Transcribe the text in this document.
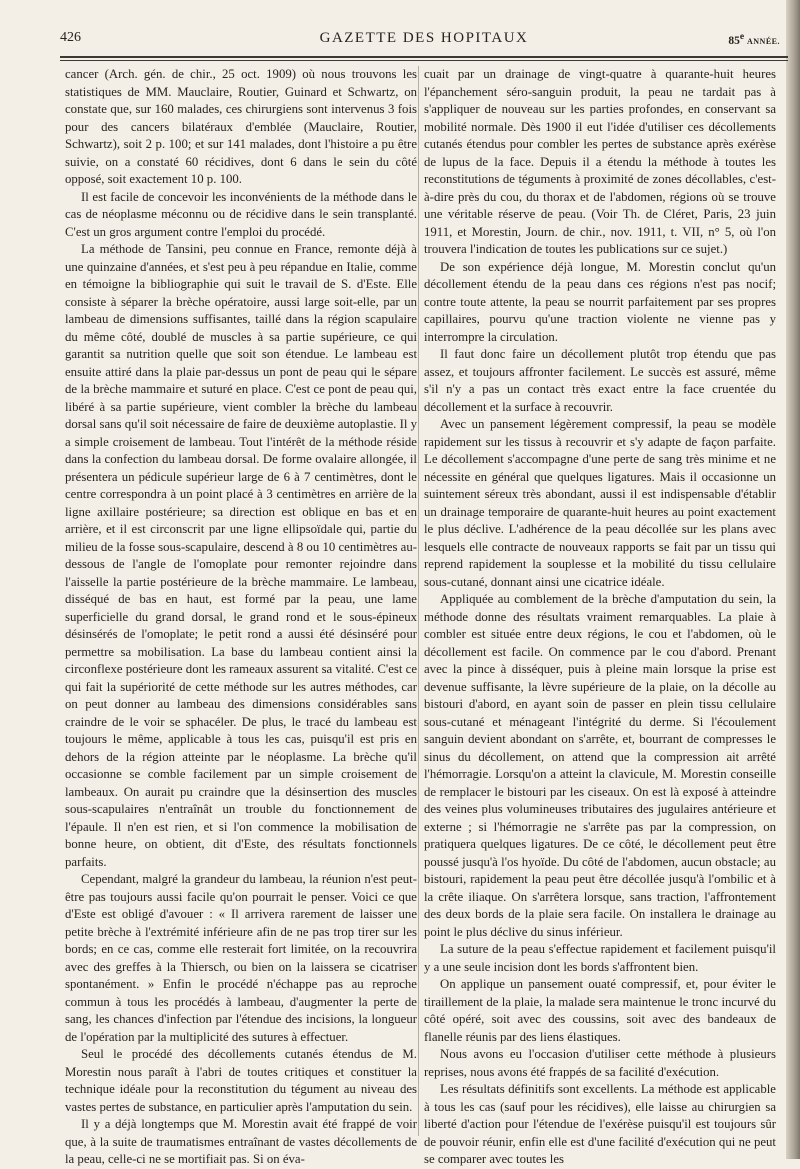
426	GAZETTE DES HOPITAUX	85e ANNÉE.

cancer (Arch. gén. de chir., 25 oct. 1909) où nous trouvons les statistiques de MM. Mauclaire, Routier, Guinard et Schwartz, on constate que, sur 160 malades, ces chirurgiens sont intervenus 3 fois pour des cancers bilatéraux d'emblée (Mauclaire, Routier, Schwartz), soit 2 p. 100; et sur 141 malades, dont l'histoire a pu être suivie, on a constaté 60 récidives, dont 6 dans le sein du côté opposé, soit exactement 10 p. 100.

Il est facile de concevoir les inconvénients de la méthode dans le cas de néoplasme méconnu ou de récidive dans le sein transplanté. C'est un gros argument contre l'emploi du procédé.

La méthode de Tansini, peu connue en France, remonte déjà à une quinzaine d'années, et s'est peu à peu répandue en Italie, comme en témoigne la bibliographie qui suit le travail de S. d'Este. Elle consiste à séparer la brèche opératoire, aussi large soit-elle, par un lambeau de dimensions suffisantes, taillé dans la région scapulaire du même côté, doublé de muscles à sa partie supérieure, ce qui garantit sa nutrition quelle que soit son étendue. Le lambeau est ensuite attiré dans la plaie par-dessus un pont de peau qui le sépare de la brèche mammaire et suturé en place. C'est ce pont de peau qui, libéré à sa partie supérieure, vient combler la brèche du lambeau dorsal sans qu'il soit nécessaire de faire de deuxième autoplastie. Il y a simple croisement de lambeau. Tout l'intérêt de la méthode réside dans la confection du lambeau dorsal. De forme ovalaire allongée, il présentera un pédicule supérieur large de 6 à 7 centimètres, dont le centre correspondra à un point placé à 3 centimètres en arrière de la ligne axillaire postérieure; sa direction est oblique en bas et en arrière, et il est circonscrit par une ligne ellipsoïdale qui, partie du milieu de la fosse sous-scapulaire, descend à 8 ou 10 centimètres au-dessous de l'angle de l'omoplate pour remonter rejoindre dans l'aisselle la partie postérieure de la brèche mammaire. Le lambeau, disséqué de bas en haut, est formé par la peau, une lame superficielle du grand dorsal, le grand rond et le sous-épineux désinsérés de l'omoplate; le petit rond a aussi été désinséré pour permettre sa mobilisation. La base du lambeau contient ainsi la circonflexe postérieure dont les rameaux assurent sa vitalité. C'est ce qui fait la supériorité de cette méthode sur les autres méthodes, car on peut donner au lambeau des dimensions considérables sans craindre de le voir se sphacéler. De plus, le tracé du lambeau est toujours le même, applicable à tous les cas, puisqu'il est pris en dehors de la région atteinte par le néoplasme. La brèche qu'il occasionne se comble facilement par un simple croisement de lambeaux. On aurait pu craindre que la désinsertion des muscles sous-scapulaires n'entraînât un trouble du fonctionnement de l'épaule. Il n'en est rien, et si l'on commence la mobilisation de bonne heure, on obtient, dit d'Este, des résultats fonctionnels parfaits.

Cependant, malgré la grandeur du lambeau, la réunion n'est peut-être pas toujours aussi facile qu'on pourrait le penser. Voici ce que d'Este est obligé d'avouer : « Il arrivera rarement de laisser une petite brèche à l'extrémité inférieure afin de ne pas trop tirer sur les bords; en ce cas, comme elle resterait fort limitée, on la recouvrira avec des greffes à la Thiersch, ou bien on la laissera se cicatriser spontanément. » Enfin le procédé n'échappe pas au reproche commun à tous les procédés à lambeau, d'augmenter la perte de sang, les chances d'infection par l'étendue des incisions, la longueur de l'opération par la multiplicité des sutures à effectuer.

Seul le procédé des décollements cutanés étendus de M. Morestin nous paraît à l'abri de toutes critiques et constituer la technique idéale pour la reconstitution du tégument au niveau des vastes pertes de substance, en particulier après l'amputation du sein.

Il y a déjà longtemps que M. Morestin avait été frappé de voir que, à la suite de traumatismes entraînant de vastes décollements de la peau, celle-ci ne se mortifiait pas. Si on éva-

cuait par un drainage de vingt-quatre à quarante-huit heures l'épanchement séro-sanguin produit, la peau ne tardait pas à s'appliquer de nouveau sur les parties profondes, en conservant sa mobilité normale. Dès 1900 il eut l'idée d'utiliser ces décollements cutanés étendus pour combler les pertes de substance après exérèse de lupus de la face. Depuis il a étendu la méthode à toutes les reconstitutions de téguments à proximité de zones décollables, c'est-à-dire près du cou, du thorax et de l'abdomen, régions où se trouve une véritable réserve de peau. (Voir Th. de Cléret, Paris, 23 juin 1911, et Morestin, Journ. de chir., nov. 1911, t. VII, n° 5, où l'on trouvera l'indication de toutes les publications sur ce sujet.)

De son expérience déjà longue, M. Morestin conclut qu'un décollement étendu de la peau dans ces régions n'est pas nocif; contre toute attente, la peau se nourrit parfaitement par ses propres capillaires, pourvu qu'une traction violente ne vienne pas y interrompre la circulation.

Il faut donc faire un décollement plutôt trop étendu que pas assez, et toujours affronter facilement. Le succès est assuré, même s'il n'y a pas un contact très exact entre la face cruentée du décollement et la surface à recouvrir.

Avec un pansement légèrement compressif, la peau se modèle rapidement sur les tissus à recouvrir et s'y adapte de façon parfaite. Le décollement s'accompagne d'une perte de sang très minime et ne nécessite en général que quelques ligatures. Mais il occasionne un suintement séreux très abondant, aussi il est indispensable d'établir un drainage temporaire de quarante-huit heures au point exactement le plus déclive. L'adhérence de la peau décollée sur les plans avec lesquels elle contracte de nouveaux rapports se fait par un tissu qui reprend rapidement la souplesse et la mobilité du tissu cellulaire sous-cutané, donnant ainsi une cicatrice idéale.

Appliquée au comblement de la brèche d'amputation du sein, la méthode donne des résultats vraiment remarquables. La plaie à combler est située entre deux régions, le cou et l'abdomen, où le décollement est facile. On commence par le cou d'abord. Prenant avec la pince à disséquer, puis à pleine main lorsque la prise est devenue suffisante, la lèvre supérieure de la plaie, on la décolle au bistouri d'abord, en ayant soin de passer en plein tissu cellulaire sous-cutané et ménageant l'intégrité du derme. Si l'écoulement sanguin devient abondant on s'arrête, et, bourrant de compresses le sinus du décollement, on attend que la compression ait arrêté l'hémorragie. Lorsqu'on a atteint la clavicule, M. Morestin conseille de remplacer le bistouri par les ciseaux. On est là exposé à atteindre des veines plus volumineuses tributaires des jugulaires antérieure et externe ; si l'hémorragie ne s'arrête pas par la compression, on pratiquera quelques ligatures. De ce côté, le décollement peut être poussé jusqu'à l'os hyoïde. Du côté de l'abdomen, aucun obstacle; au bistouri, rapidement la peau peut être décollée jusqu'à l'ombilic et à la crête iliaque. On s'arrêtera lorsque, sans traction, l'affrontement des deux bords de la plaie sera facile. On installera le drainage au point le plus déclive du sinus inférieur.

La suture de la peau s'effectue rapidement et facilement puisqu'il y a une seule incision dont les bords s'affrontent bien.

On applique un pansement ouaté compressif, et, pour éviter le tiraillement de la plaie, la malade sera maintenue le tronc incurvé du côté opéré, soit avec des coussins, soit avec des bandeaux de flanelle réunis par des liens élastiques.

Nous avons eu l'occasion d'utiliser cette méthode à plusieurs reprises, nous avons été frappés de sa facilité d'exécution.

Les résultats définitifs sont excellents. La méthode est applicable à tous les cas (sauf pour les récidives), elle laisse au chirurgien sa liberté d'action pour l'étendue de l'exérèse puisqu'il est toujours sûr de pouvoir réunir, enfin elle est d'une facilité d'exécution qui ne peut se comparer avec toutes les
